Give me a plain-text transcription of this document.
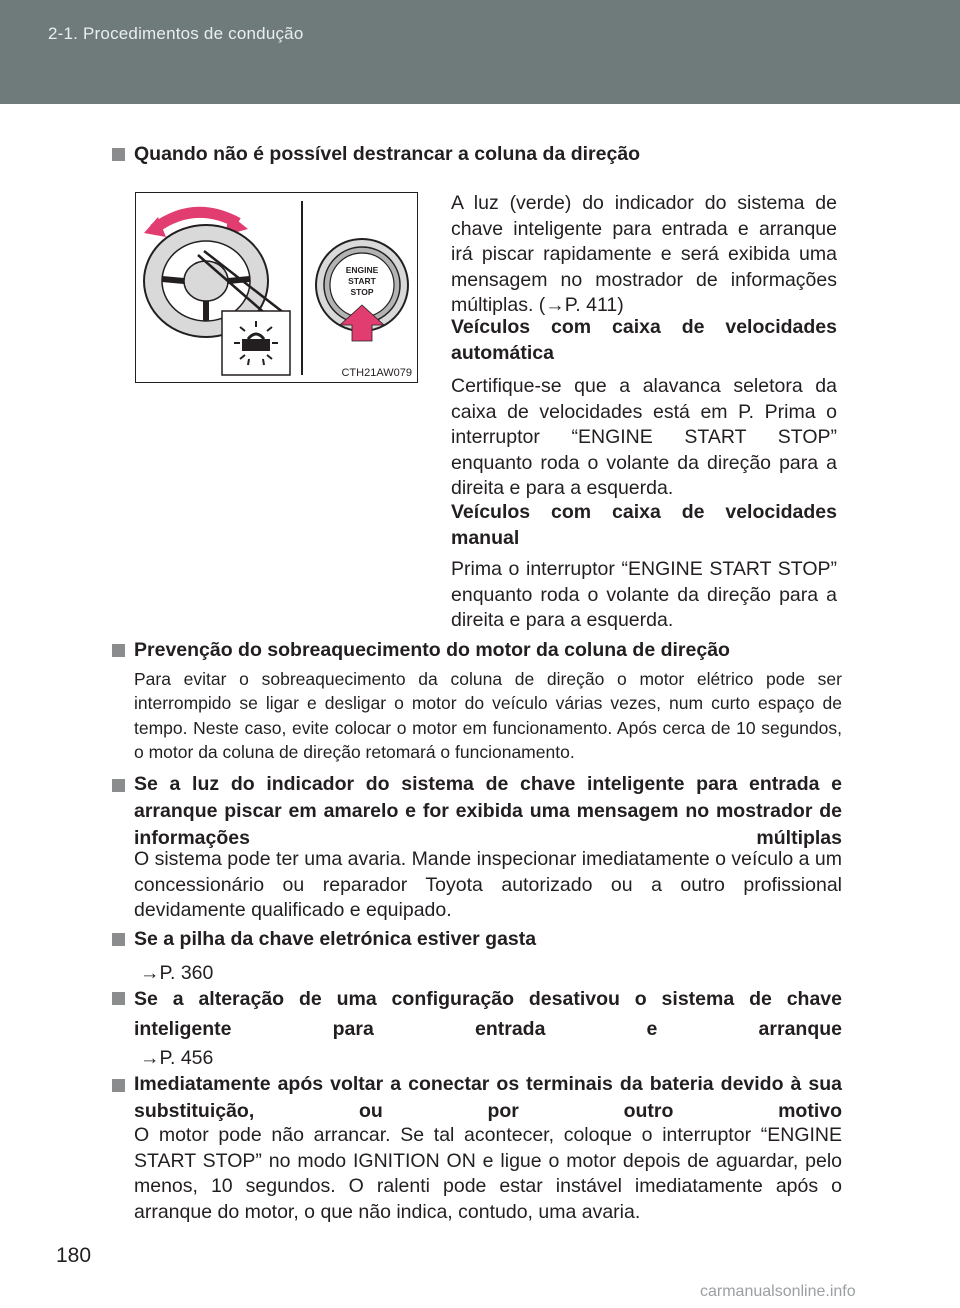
2-1. Procedimentos de condução
Quando não é possível destrancar a coluna da direção
ENGINE
START
STOP
CTH21AW079
A luz (verde) do indicador do sistema de chave inteligente para entrada e arranque irá piscar rapidamente e será exibida uma mensagem no mostrador de informações múltiplas. (→P. 411)
Veículos com caixa de velocidades automática
Certifique-se que a alavanca seletora da caixa de velocidades está em P. Prima o interruptor “ENGINE START STOP” enquanto roda o volante da direção para a direita e para a esquerda.
Veículos com caixa de velocidades manual
Prima o interruptor “ENGINE START STOP” enquanto roda o volante da direção para a direita e para a esquerda.
Prevenção do sobreaquecimento do motor da coluna de direção
Para evitar o sobreaquecimento da coluna de direção o motor elétrico pode ser interrompido se ligar e desligar o motor do veículo várias vezes, num curto espaço de tempo. Neste caso, evite colocar o motor em funcionamento. Após cerca de 10 segundos, o motor da coluna de direção retomará o funcionamento.
Se a luz do indicador do sistema de chave inteligente para entrada e arranque piscar em amarelo e for exibida uma mensagem no mostrador de informações múltiplas
O sistema pode ter uma avaria. Mande inspecionar imediatamente o veículo a um concessionário ou reparador Toyota autorizado ou a outro profissional devidamente qualificado e equipado.
Se a pilha da chave eletrónica estiver gasta
→P. 360
Se a alteração de uma configuração desativou o sistema de chave inteligente para entrada e arranque
→P. 456
Imediatamente após voltar a conectar os terminais da bateria devido à sua substituição, ou por outro motivo
O motor pode não arrancar. Se tal acontecer, coloque o interruptor “ENGINE START STOP” no modo IGNITION ON e ligue o motor depois de aguardar, pelo menos, 10 segundos. O ralenti pode estar instável imediatamente após o arranque do motor, o que não indica, contudo, uma avaria.
180
carmanualsonline.info
